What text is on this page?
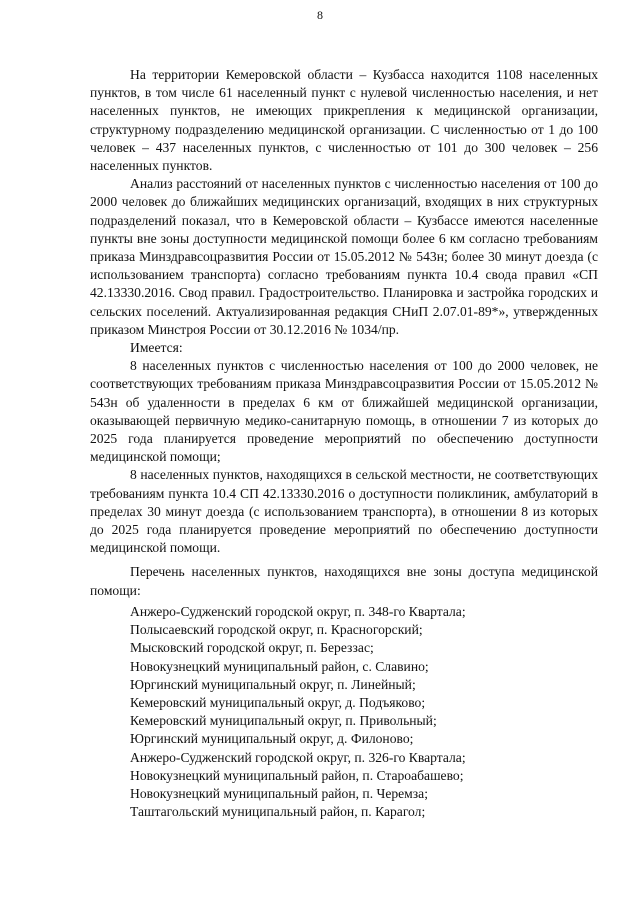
8

На территории Кемеровской области – Кузбасса находится 1108 населенных пунктов, в том числе 61 населенный пункт с нулевой численностью населения, и нет населенных пунктов, не имеющих прикрепления к медицинской организации, структурному подразделению медицинской организации. С численностью от 1 до 100 человек – 437 населенных пунктов, с численностью от 101 до 300 человек – 256 населенных пунктов.

Анализ расстояний от населенных пунктов с численностью населения от 100 до 2000 человек до ближайших медицинских организаций, входящих в них структурных подразделений показал, что в Кемеровской области – Кузбассе имеются населенные пункты вне зоны доступности медицинской помощи более 6 км согласно требованиям приказа Минздравсоцразвития России от 15.05.2012 № 543н; более 30 минут доезда (с использованием транспорта) согласно требованиям пункта 10.4 свода правил «СП 42.13330.2016. Свод правил. Градостроительство. Планировка и застройка городских и сельских поселений. Актуализированная редакция СНиП 2.07.01-89*», утвержденных приказом Минстроя России от 30.12.2016 № 1034/пр.

Имеется:

8 населенных пунктов с численностью населения от 100 до 2000 человек, не соответствующих требованиям приказа Минздравсоцразвития России от 15.05.2012 № 543н об удаленности в пределах 6 км от ближайшей медицинской организации, оказывающей первичную медико-санитарную помощь, в отношении 7 из которых до 2025 года планируется проведение мероприятий по обеспечению доступности медицинской помощи;

8 населенных пунктов, находящихся в сельской местности, не соответствующих требованиям пункта 10.4 СП 42.13330.2016 о доступности поликлиник, амбулаторий в пределах 30 минут доезда (с использованием транспорта), в отношении 8 из которых до 2025 года планируется проведение мероприятий по обеспечению доступности медицинской помощи.

Перечень населенных пунктов, находящихся вне зоны доступа медицинской помощи:

Анжеро-Судженский городской округ, п. 348-го Квартала;
Полысаевский городской округ, п. Красногорский;
Мысковский городской округ, п. Береззас;
Новокузнецкий муниципальный район, с. Славино;
Юргинский муниципальный округ, п. Линейный;
Кемеровский муниципальный округ, д. Подъяково;
Кемеровский муниципальный округ, п. Привольный;
Юргинский муниципальный округ, д. Филоново;
Анжеро-Судженский городской округ, п. 326-го Квартала;
Новокузнецкий муниципальный район, п. Староабашево;
Новокузнецкий муниципальный район, п. Черемза;
Таштагольский муниципальный район, п. Карагол;
